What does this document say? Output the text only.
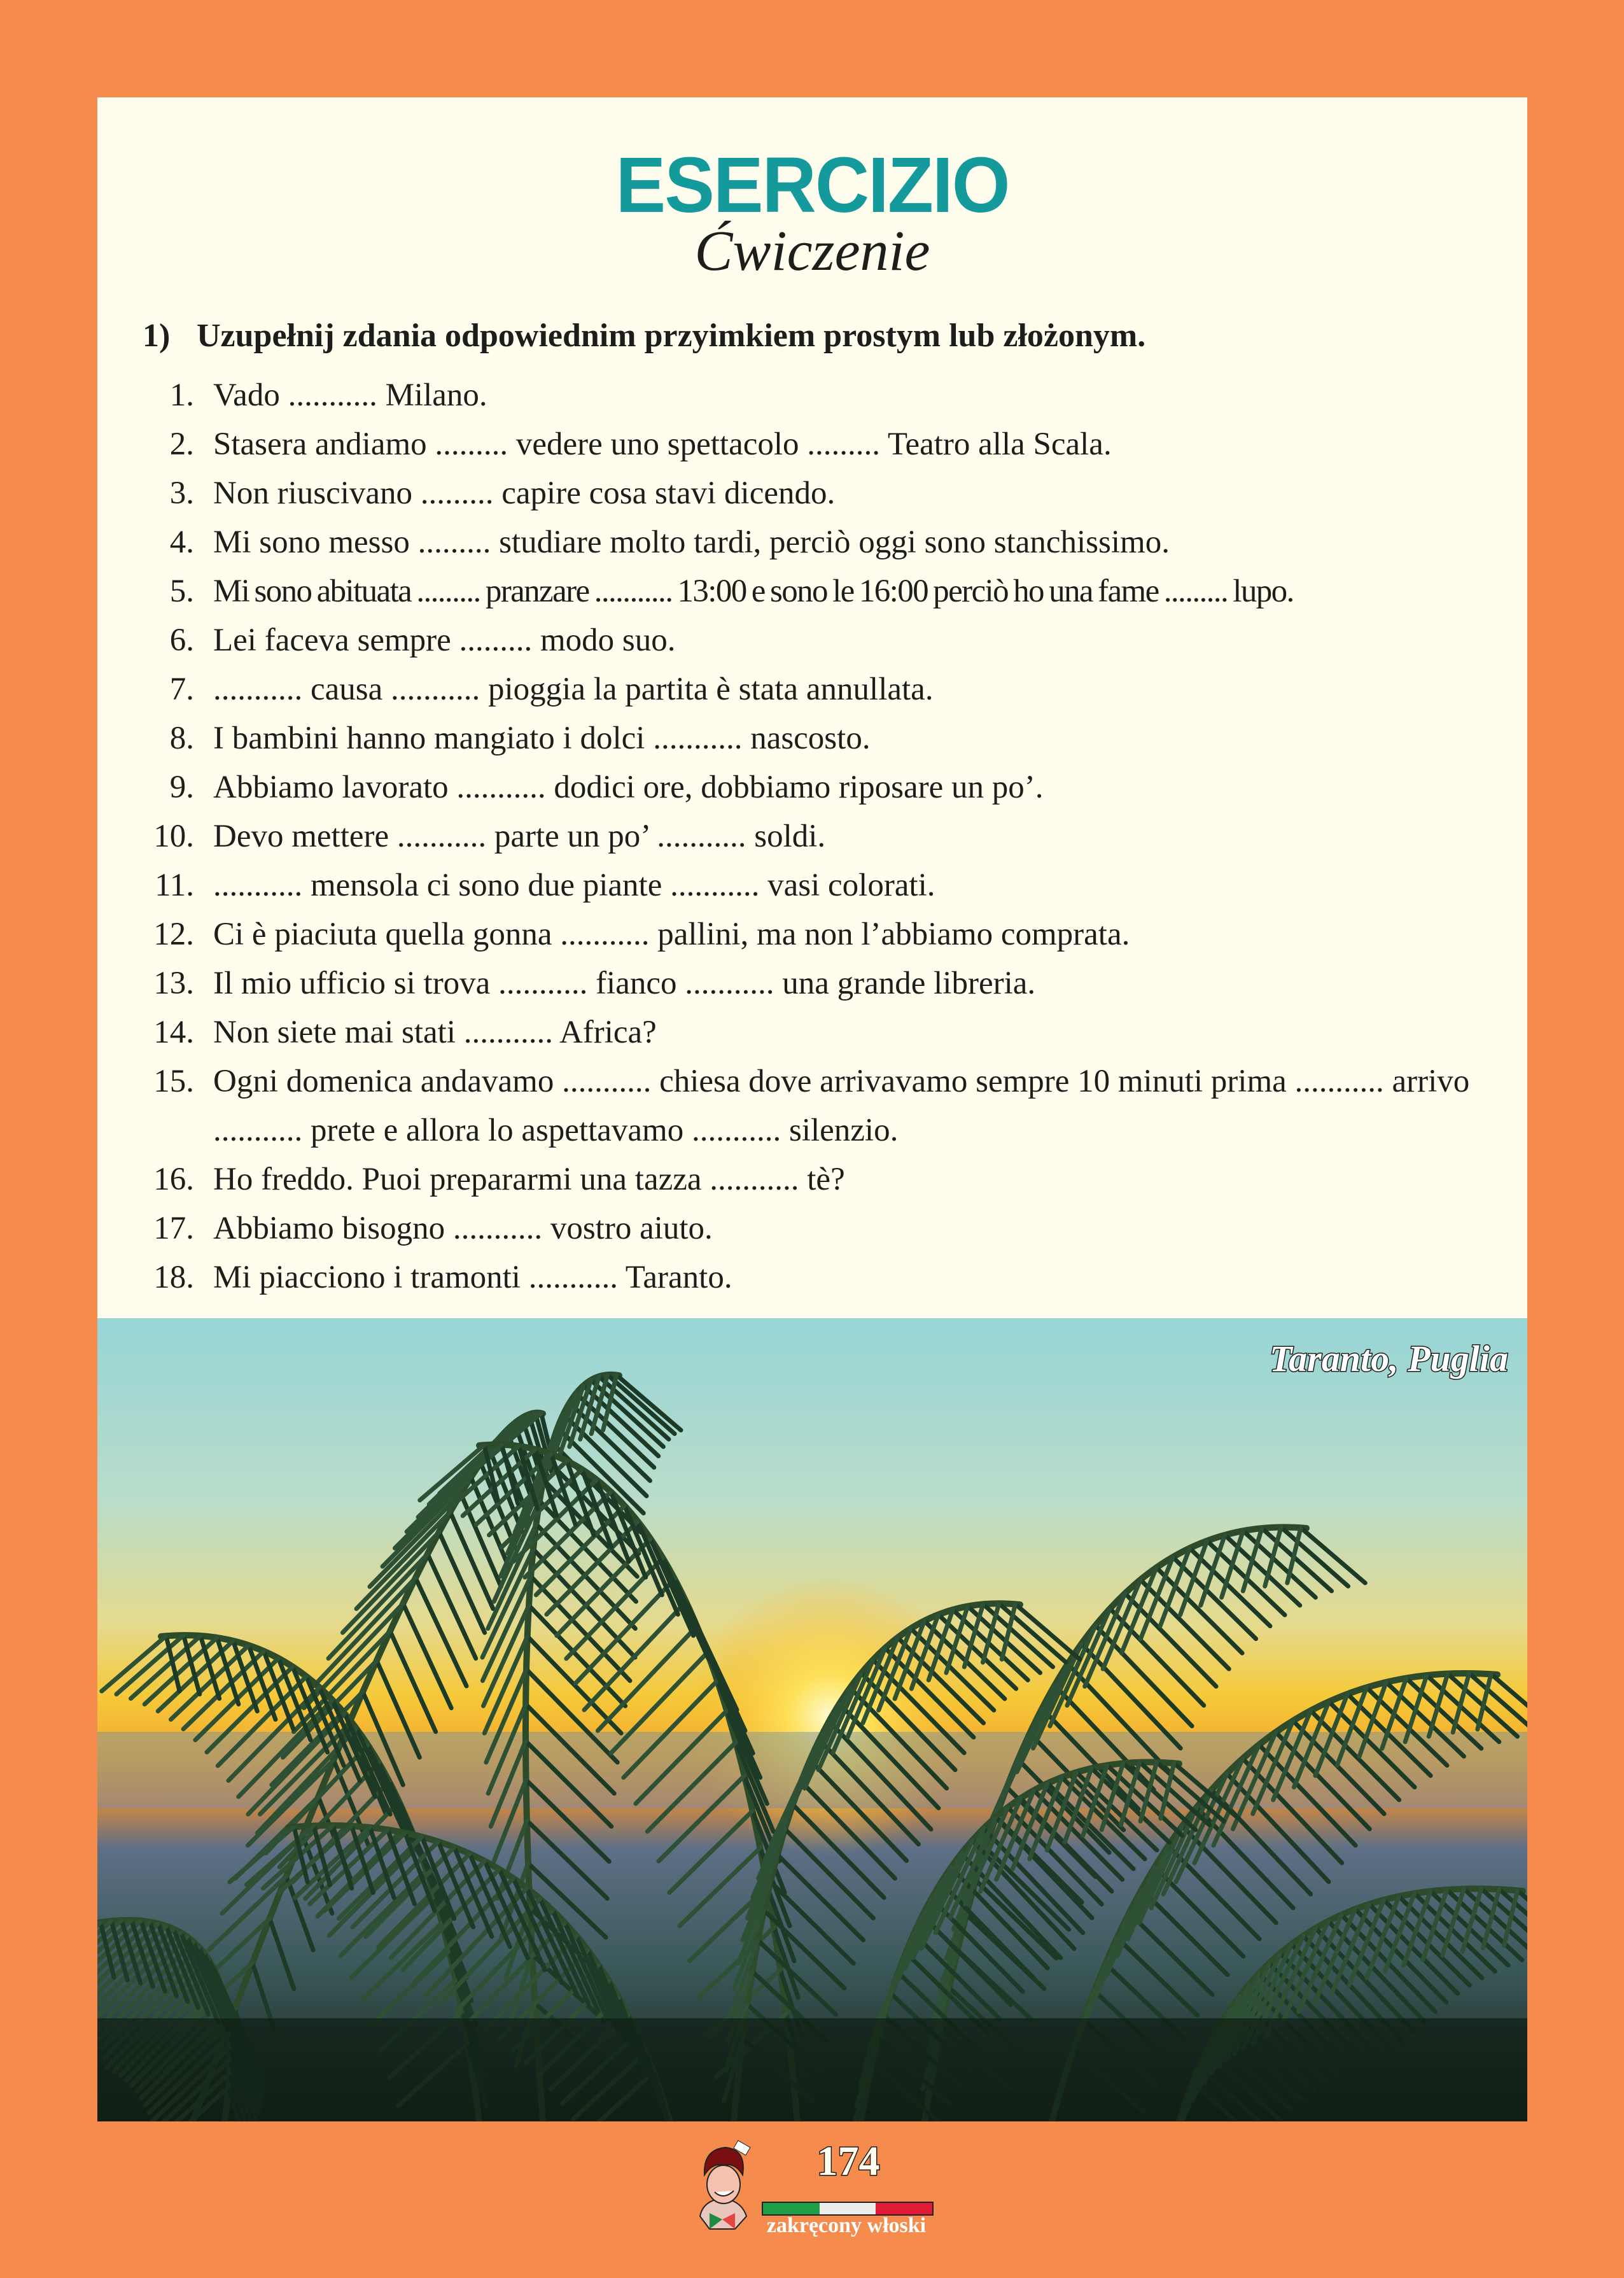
ESERCIZIO
Ćwiczenie
1) Uzupełnij zdania odpowiednim przyimkiem prostym lub złożonym.
1. Vado ........... Milano.
2. Stasera andiamo ......... vedere uno spettacolo ......... Teatro alla Scala.
3. Non riuscivano ......... capire cosa stavi dicendo.
4. Mi sono messo ......... studiare molto tardi, perciò oggi sono stanchissimo.
5. Mi sono abituata ......... pranzare ........... 13:00 e sono le 16:00 perciò ho una fame ......... lupo.
6. Lei faceva sempre ......... modo suo.
7. ........... causa ........... pioggia la partita è stata annullata.
8. I bambini hanno mangiato i dolci ........... nascosto.
9. Abbiamo lavorato ........... dodici ore, dobbiamo riposare un po’.
10. Devo mettere ........... parte un po’ ........... soldi.
11. ........... mensola ci sono due piante ........... vasi colorati.
12. Ci è piaciuta quella gonna ........... pallini, ma non l’abbiamo comprata.
13. Il mio ufficio si trova ........... fianco ........... una grande libreria.
14. Non siete mai stati ........... Africa?
15. Ogni domenica andavamo ........... chiesa dove arrivavamo sempre 10 minuti prima ........... arrivo ........... prete e allora lo aspettavamo ........... silenzio.
16. Ho freddo. Puoi prepararmi una tazza ........... tè?
17. Abbiamo bisogno ........... vostro aiuto.
18. Mi piacciono i tramonti ........... Taranto.
Taranto, Puglia
174
zakręcony włoski
